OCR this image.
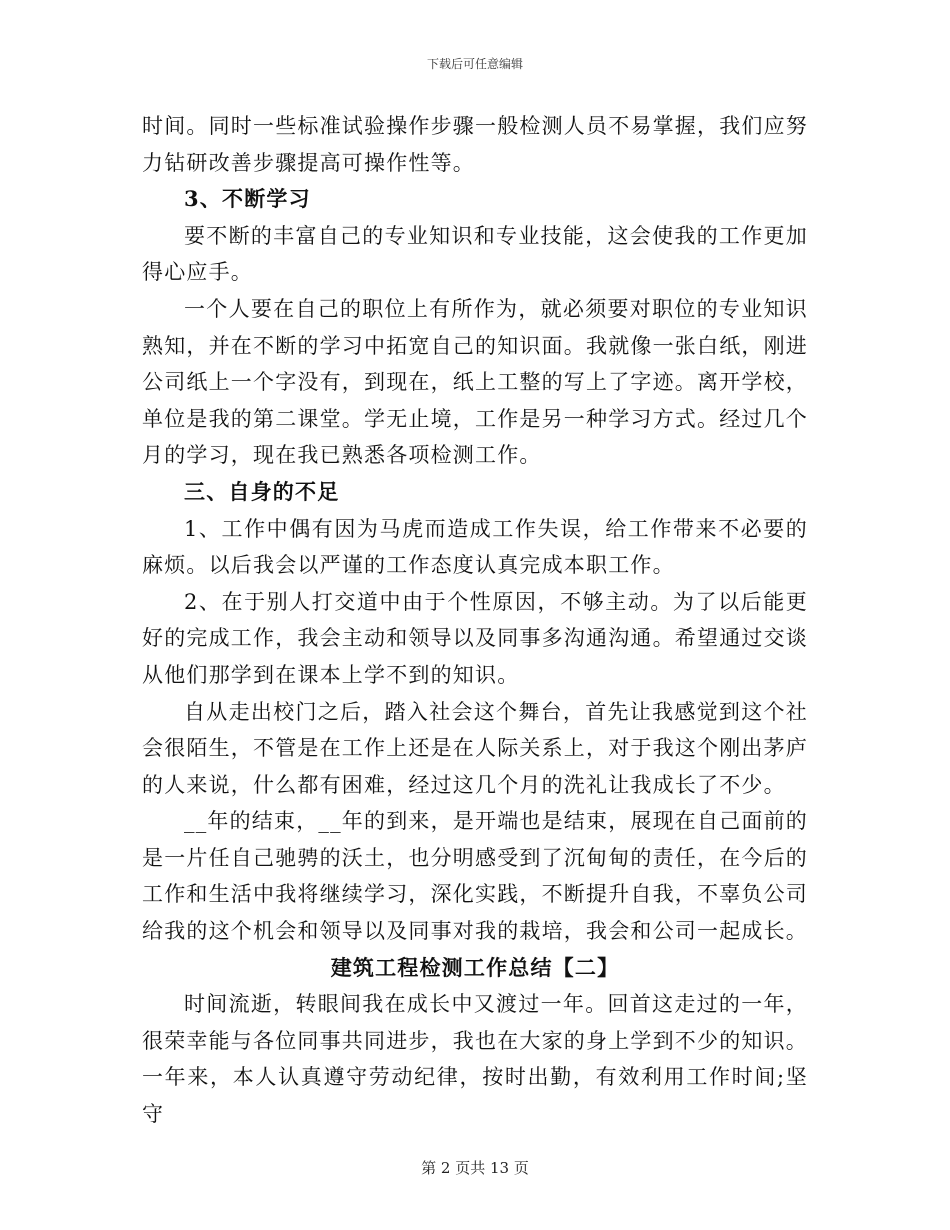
下载后可任意编辑

时间。同时一些标准试验操作步骤一般检测人员不易掌握，我们应努力钻研改善步骤提高可操作性等。

3、不断学习

要不断的丰富自己的专业知识和专业技能，这会使我的工作更加得心应手。

一个人要在自己的职位上有所作为，就必须要对职位的专业知识熟知，并在不断的学习中拓宽自己的知识面。我就像一张白纸，刚进公司纸上一个字没有，到现在，纸上工整的写上了字迹。离开学校，单位是我的第二课堂。学无止境，工作是另一种学习方式。经过几个月的学习，现在我已熟悉各项检测工作。

三、自身的不足

1、工作中偶有因为马虎而造成工作失误，给工作带来不必要的麻烦。以后我会以严谨的工作态度认真完成本职工作。

2、在于别人打交道中由于个性原因，不够主动。为了以后能更好的完成工作，我会主动和领导以及同事多沟通沟通。希望通过交谈从他们那学到在课本上学不到的知识。

自从走出校门之后，踏入社会这个舞台，首先让我感觉到这个社会很陌生，不管是在工作上还是在人际关系上，对于我这个刚出茅庐的人来说，什么都有困难，经过这几个月的洗礼让我成长了不少。

__年的结束，__年的到来，是开端也是结束，展现在自己面前的是一片任自己驰骋的沃土，也分明感受到了沉甸甸的责任，在今后的工作和生活中我将继续学习，深化实践，不断提升自我，不辜负公司给我的这个机会和领导以及同事对我的栽培，我会和公司一起成长。

建筑工程检测工作总结【二】

时间流逝，转眼间我在成长中又渡过一年。回首这走过的一年，很荣幸能与各位同事共同进步，我也在大家的身上学到不少的知识。一年来，本人认真遵守劳动纪律，按时出勤，有效利用工作时间;坚守

第 2 页共 13 页
